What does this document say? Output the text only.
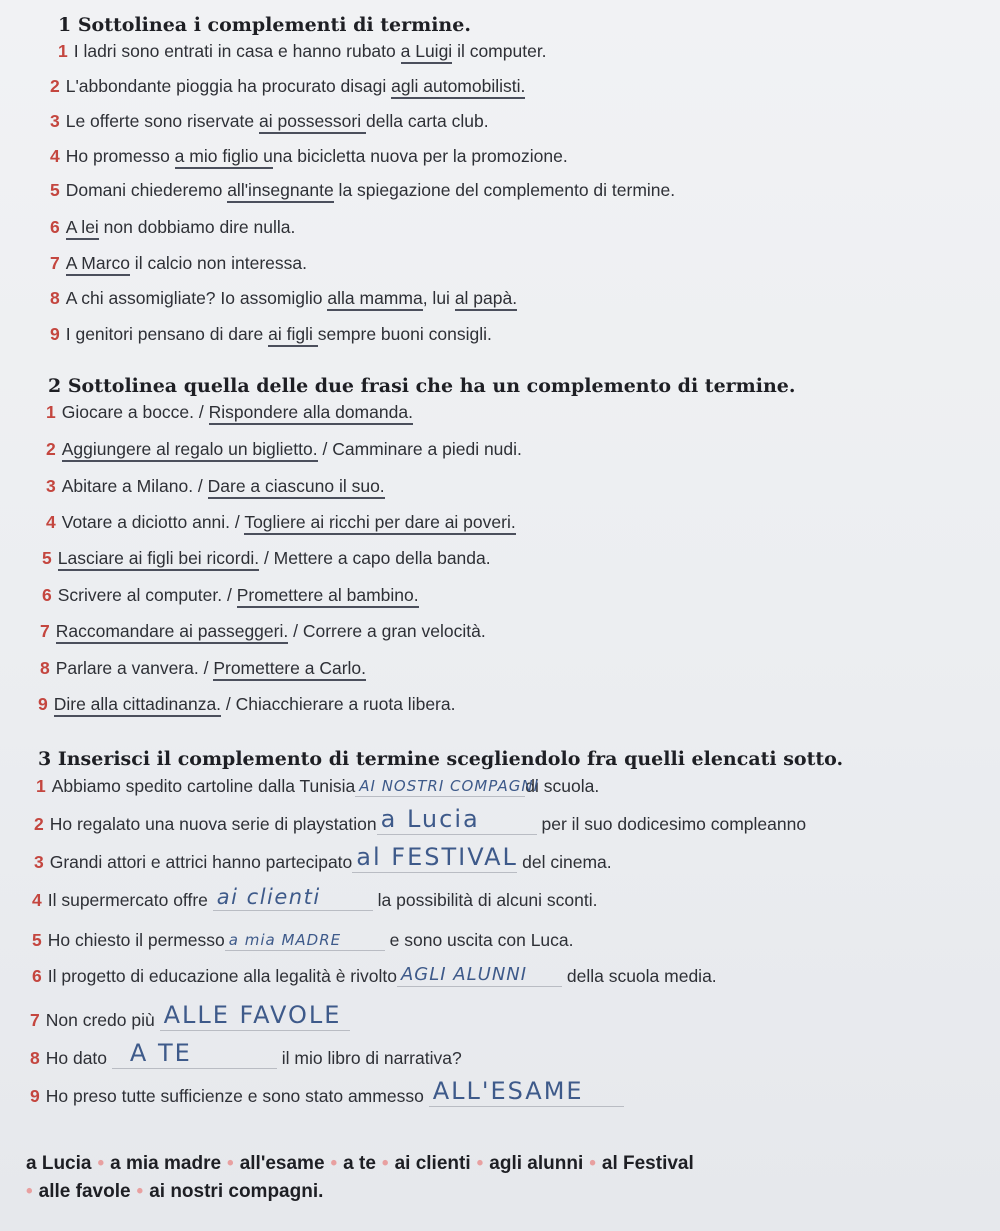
1 Sottolinea i complementi di termine.
1 I ladri sono entrati in casa e hanno rubato a Luigi il computer.
2 L'abbondante pioggia ha procurato disagi agli automobilisti.
3 Le offerte sono riservate ai possessori della carta club.
4 Ho promesso a mio figlio una bicicletta nuova per la promozione.
5 Domani chiederemo all'insegnante la spiegazione del complemento di termine.
6 A lei non dobbiamo dire nulla.
7 A Marco il calcio non interessa.
8 A chi assomigliate? Io assomiglio alla mamma, lui al papà.
9 I genitori pensano di dare ai figli sempre buoni consigli.
2 Sottolinea quella delle due frasi che ha un complemento di termine.
1 Giocare a bocce. / Rispondere alla domanda.
2 Aggiungere al regalo un biglietto. / Camminare a piedi nudi.
3 Abitare a Milano. / Dare a ciascuno il suo.
4 Votare a diciotto anni. / Togliere ai ricchi per dare ai poveri.
5 Lasciare ai figli bei ricordi. / Mettere a capo della banda.
6 Scrivere al computer. / Promettere al bambino.
7 Raccomandare ai passeggeri. / Correre a gran velocità.
8 Parlare a vanvera. / Promettere a Carlo.
9 Dire alla cittadinanza. / Chiacchierare a ruota libera.
3 Inserisci il complemento di termine scegliendolo fra quelli elencati sotto.
1 Abbiamo spedito cartoline dalla Tunisia AI NOSTRI COMPAGNI
di scuola.
2 Ho regalato una nuova serie di playstation a Lucia	per il suo dodicesimo compleanno
3 Grandi attori e attrici hanno partecipato al FESTIVAL del cinema.
4 Il supermercato offre ai clienti	la possibilità di alcuni sconti.
5 Ho chiesto il permesso a mia MADRE	e sono uscita con Luca.
6 Il progetto di educazione alla legalità è rivolto AGLI ALUNNI della scuola media.
7 Non credo più ALLE FAVOLE
8 Ho dato A TE	il mio libro di narrativa?
9 Ho preso tutte sufficienze e sono stato ammesso ALL'ESAME
a Lucia • a mia madre • all'esame • a te • ai clienti • agli alunni • al Festival
• alle favole • ai nostri compagni.
